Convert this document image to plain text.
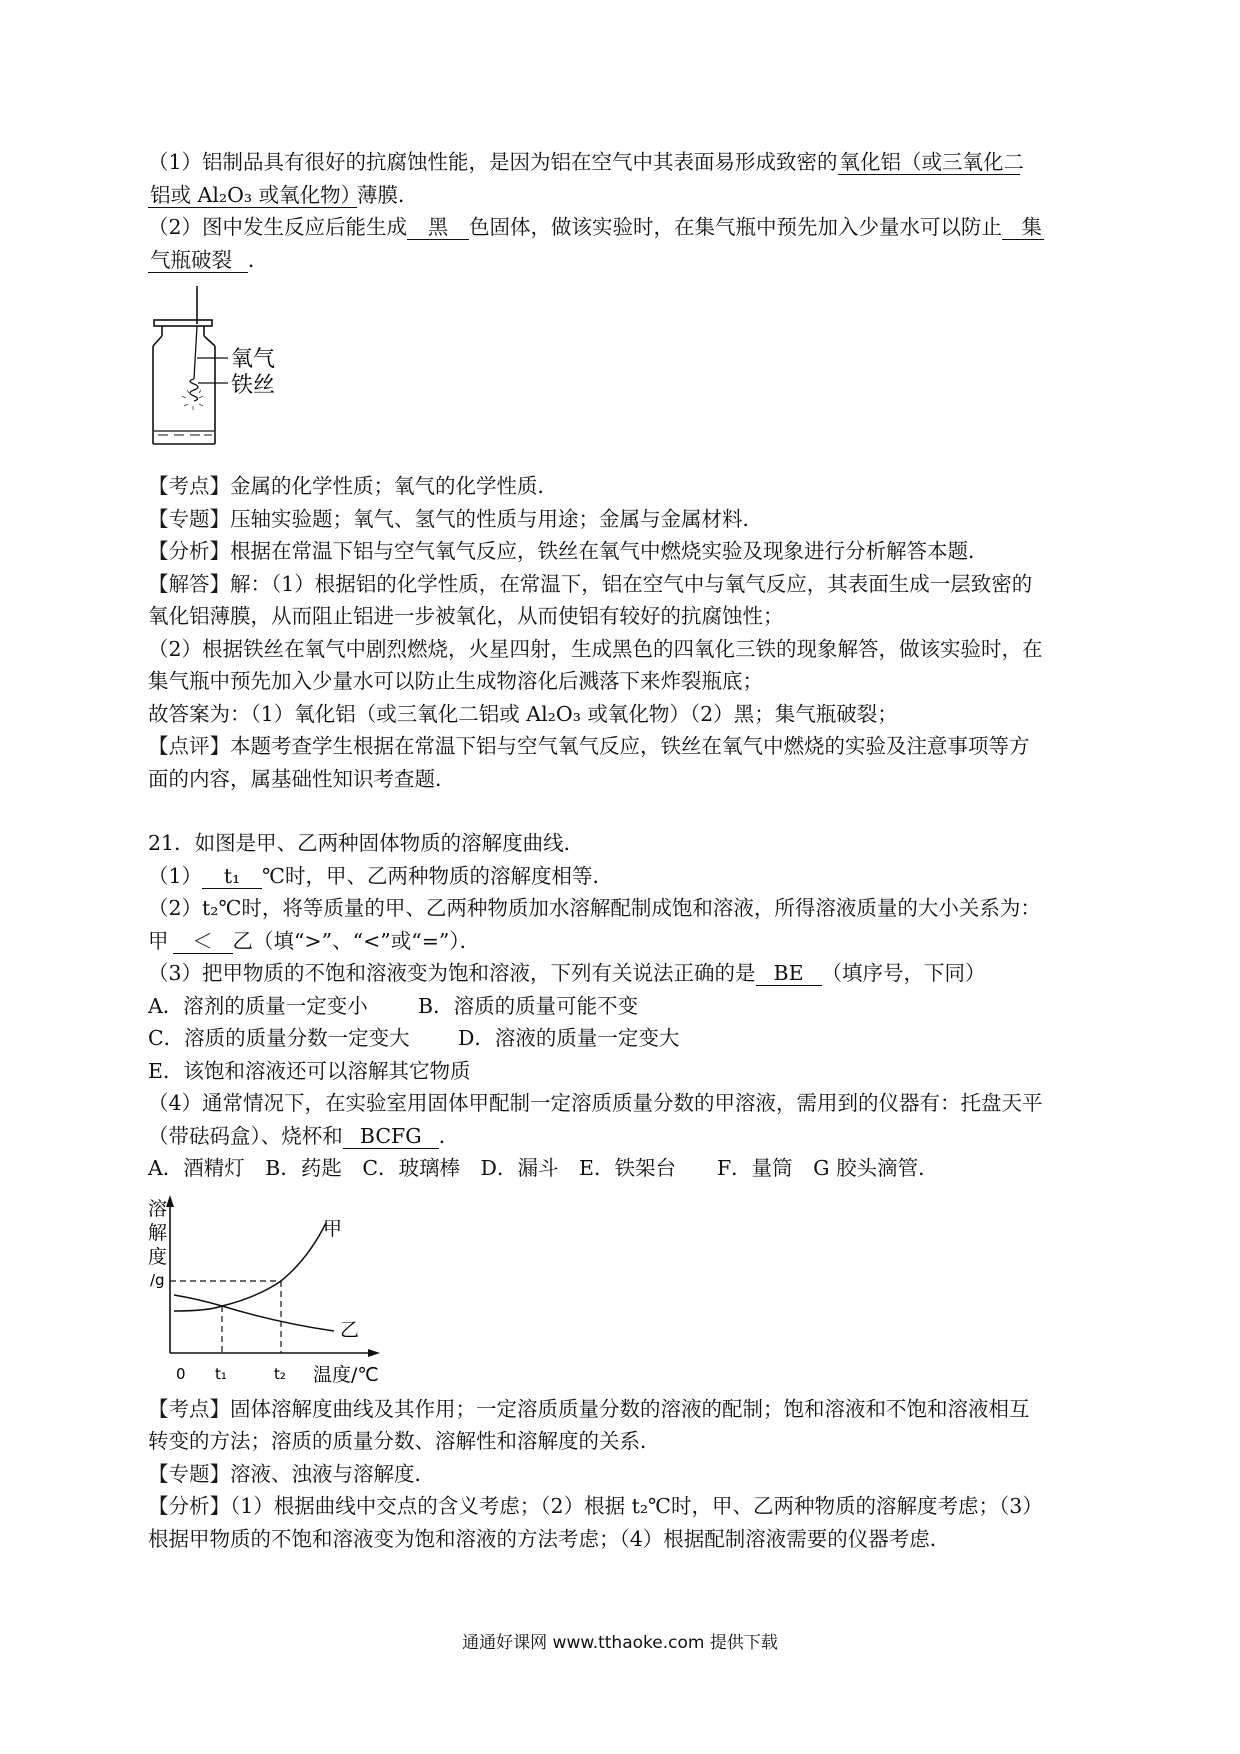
（1）铝制品具有很好的抗腐蚀性能，是因为铝在空气中其表面易形成致密的氧化铝（或三氧化二
铝或 Al₂O₃ 或氧化物）薄膜．
（2）图中发生反应后能生成 黑 色固体，做该实验时，在集气瓶中预先加入少量水可以防止 集
气瓶破裂 ．
氧气
铁丝
【考点】金属的化学性质；氧气的化学性质．
【专题】压轴实验题；氧气、氢气的性质与用途；金属与金属材料．
【分析】根据在常温下铝与空气氧气反应，铁丝在氧气中燃烧实验及现象进行分析解答本题．
【解答】解：（1）根据铝的化学性质，在常温下，铝在空气中与氧气反应，其表面生成一层致密的
氧化铝薄膜，从而阻止铝进一步被氧化，从而使铝有较好的抗腐蚀性；
（2）根据铁丝在氧气中剧烈燃烧，火星四射，生成黑色的四氧化三铁的现象解答，做该实验时，在
集气瓶中预先加入少量水可以防止生成物溶化后溅落下来炸裂瓶底；
故答案为：（1）氧化铝（或三氧化二铝或 Al₂O₃ 或氧化物）（2）黑；集气瓶破裂；
【点评】本题考查学生根据在常温下铝与空气氧气反应，铁丝在氧气中燃烧的实验及注意事项等方
面的内容，属基础性知识考查题．
21．如图是甲、乙两种固体物质的溶解度曲线．
（1） t₁ ℃时，甲、乙两种物质的溶解度相等．
（2）t₂℃时，将等质量的甲、乙两种物质加水溶解配制成饱和溶液，所得溶液质量的大小关系为：
甲 ＜ 乙（填“>”、“<”或“=”）．
（3）把甲物质的不饱和溶液变为饱和溶液，下列有关说法正确的是 BE （填序号，下同）
A．溶剂的质量一定变小 B．溶质的质量可能不变
C．溶质的质量分数一定变大 D．溶液的质量一定变大
E．该饱和溶液还可以溶解其它物质
（4）通常情况下，在实验室用固体甲配制一定溶质质量分数的甲溶液，需用到的仪器有：托盘天平
（带砝码盒）、烧杯和 BCFG ．
A．酒精灯　B．药匙　C．玻璃棒　D．漏斗　E．铁架台　　F．量筒　G 胶头滴管．
溶
解
度
/g
甲
乙
0 t₁	t₂ 温度/℃
【考点】固体溶解度曲线及其作用；一定溶质质量分数的溶液的配制；饱和溶液和不饱和溶液相互
转变的方法；溶质的质量分数、溶解性和溶解度的关系．
【专题】溶液、浊液与溶解度．
【分析】（1）根据曲线中交点的含义考虑；（2）根据 t₂℃时，甲、乙两种物质的溶解度考虑；（3）
根据甲物质的不饱和溶液变为饱和溶液的方法考虑；（4）根据配制溶液需要的仪器考虑．
通通好课网 www.tthaoke.com 提供下载
